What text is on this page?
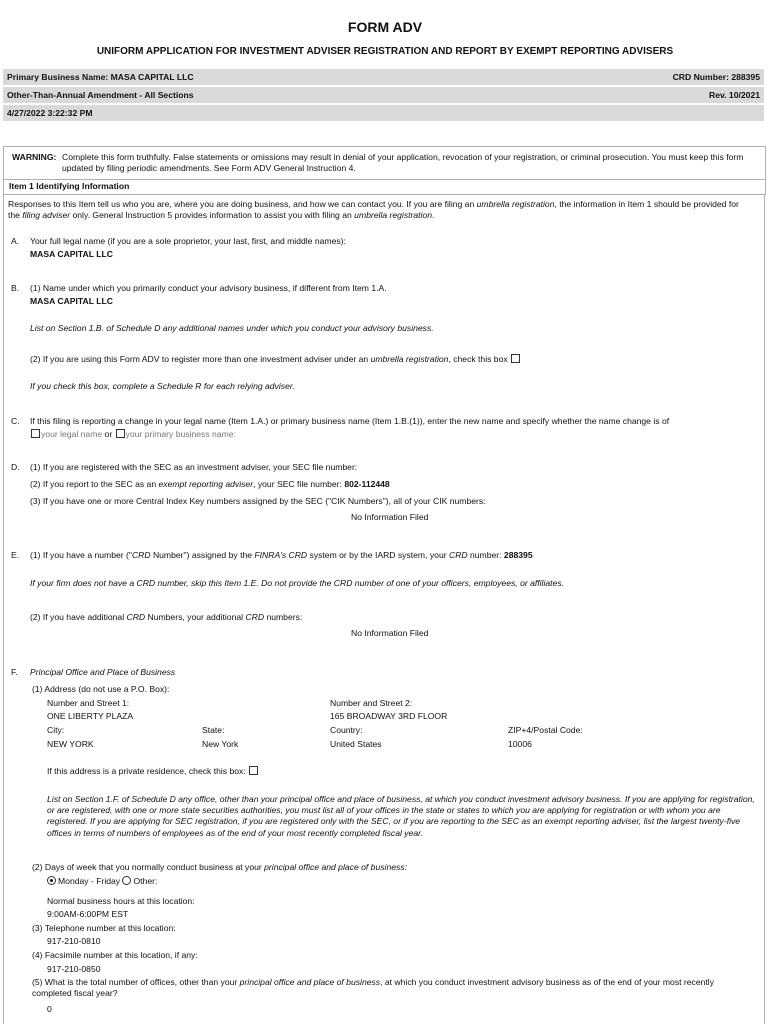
FORM ADV
UNIFORM APPLICATION FOR INVESTMENT ADVISER REGISTRATION AND REPORT BY EXEMPT REPORTING ADVISERS
Primary Business Name: MASA CAPITAL LLC	CRD Number: 288395
Other-Than-Annual Amendment - All Sections	Rev. 10/2021
4/27/2022 3:22:32 PM
WARNING: Complete this form truthfully. False statements or omissions may result in denial of your application, revocation of your registration, or criminal prosecution. You must keep this form updated by filing periodic amendments. See Form ADV General Instruction 4.
Item 1 Identifying Information
Responses to this Item tell us who you are, where you are doing business, and how we can contact you. If you are filing an umbrella registration, the information in Item 1 should be provided for the filing adviser only. General Instruction 5 provides information to assist you with filing an umbrella registration.
A. Your full legal name (if you are a sole proprietor, your last, first, and middle names):
MASA CAPITAL LLC
B. (1) Name under which you primarily conduct your advisory business, if different from Item 1.A.
MASA CAPITAL LLC
List on Section 1.B. of Schedule D any additional names under which you conduct your advisory business.
(2) If you are using this Form ADV to register more than one investment adviser under an umbrella registration, check this box
If you check this box, complete a Schedule R for each relying adviser.
C. If this filing is reporting a change in your legal name (Item 1.A.) or primary business name (Item 1.B.(1)), enter the new name and specify whether the name change is of
your legal name or your primary business name:
D. (1) If you are registered with the SEC as an investment adviser, your SEC file number:
(2) If you report to the SEC as an exempt reporting adviser, your SEC file number: 802-112448
(3) If you have one or more Central Index Key numbers assigned by the SEC ("CIK Numbers"), all of your CIK numbers:
No Information Filed
E. (1) If you have a number ("CRD Number") assigned by the FINRA's CRD system or by the IARD system, your CRD number: 288395
If your firm does not have a CRD number, skip this Item 1.E. Do not provide the CRD number of one of your officers, employees, or affiliates.
(2) If you have additional CRD Numbers, your additional CRD numbers:
No Information Filed
F. Principal Office and Place of Business
(1) Address (do not use a P.O. Box):
Number and Street 1:
ONE LIBERTY PLAZA
Number and Street 2:
165 BROADWAY 3RD FLOOR
City:
NEW YORK
State:
New York
Country:
United States
ZIP+4/Postal Code:
10006
If this address is a private residence, check this box:
List on Section 1.F. of Schedule D any office, other than your principal office and place of business, at which you conduct investment advisory business. If you are applying for registration, or are registered, with one or more state securities authorities, you must list all of your offices in the state or states to which you are applying for registration or with whom you are registered. If you are applying for SEC registration, if you are registered only with the SEC, or if you are reporting to the SEC as an exempt reporting adviser, list the largest twenty-five offices in terms of numbers of employees as of the end of your most recently completed fiscal year.
(2) Days of week that you normally conduct business at your principal office and place of business:
Monday - Friday Other:
Normal business hours at this location:
9:00AM-6:00PM EST
(3) Telephone number at this location:
917-210-0810
(4) Facsimile number at this location, if any:
917-210-0850
(5) What is the total number of offices, other than your principal office and place of business, at which you conduct investment advisory business as of the end of your most recently completed fiscal year?
0
